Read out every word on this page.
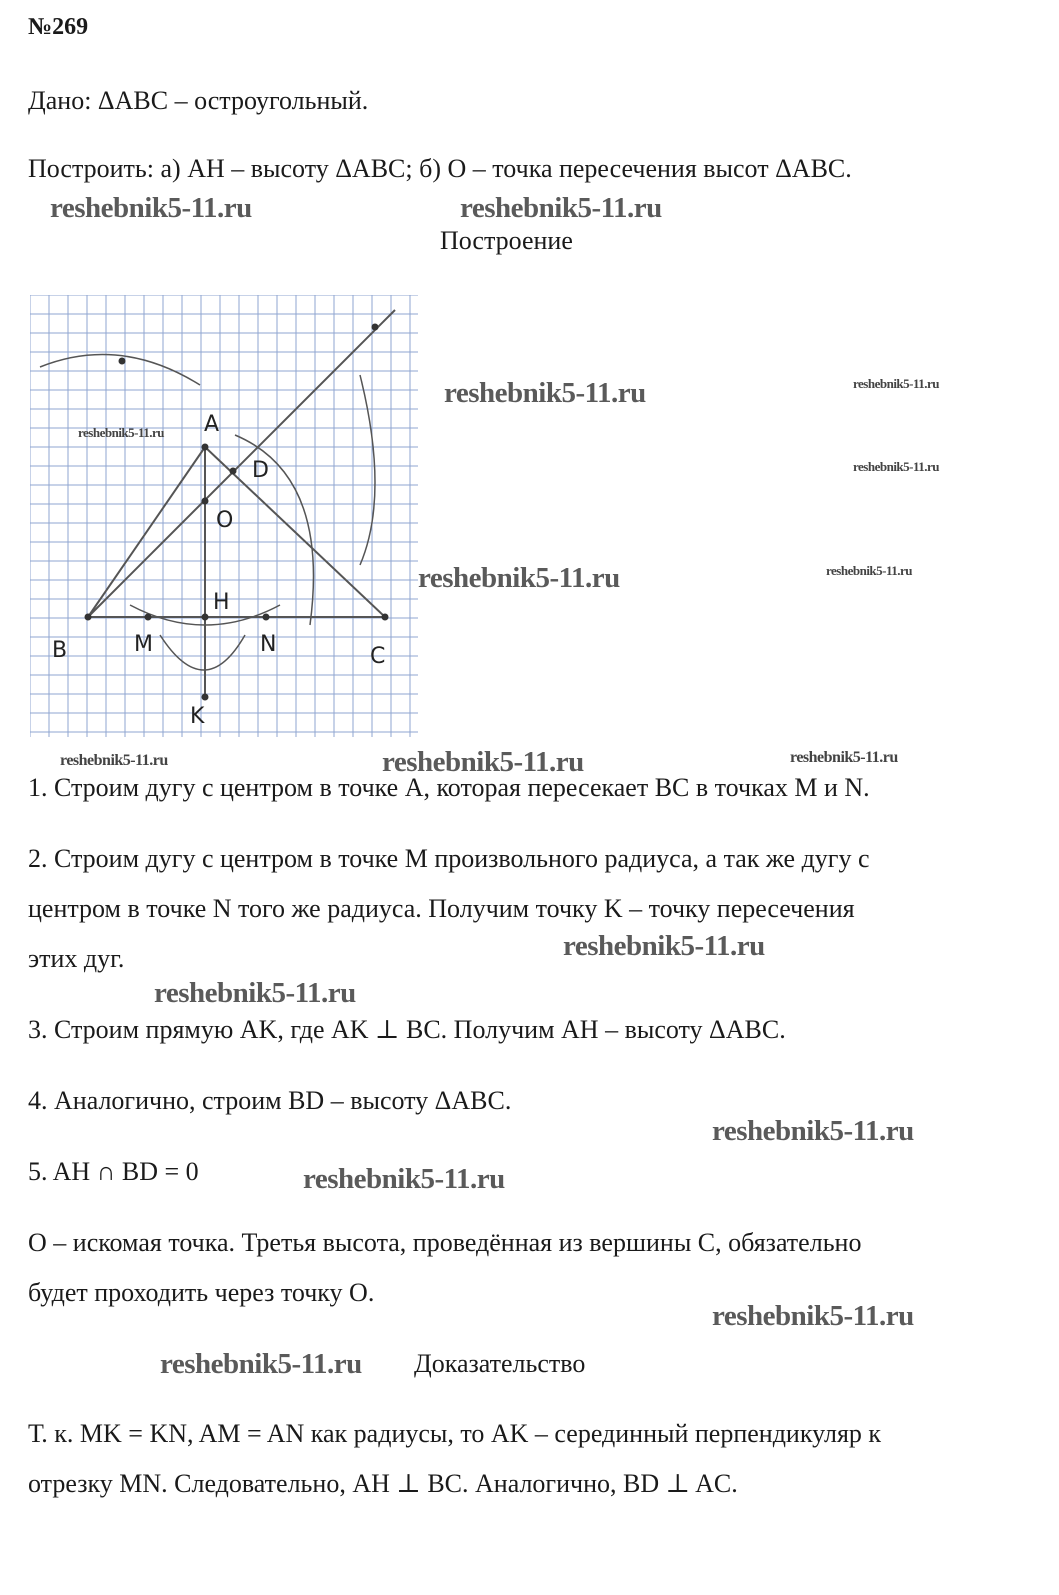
№269
Дано: ΔABC – остроугольный.
Построить: а) AH – высоту ΔABC; б) O – точка пересечения высот ΔABC.
reshebnik5-11.ru	reshebnik5-11.ru
Построение
A
D
O
H
B	M	N	C
K
reshebnik5-11.ru
reshebnik5-11.ru	reshebnik5-11.ru
reshebnik5-11.ru
reshebnik5-11.ru	reshebnik5-11.ru
reshebnik5-11.ru	reshebnik5-11.ru	reshebnik5-11.ru
1. Строим дугу с центром в точке A, которая пересекает BC в точках M и N.
2. Строим дугу с центром в точке M произвольного радиуса, а так же дугу с
центром в точке N того же радиуса. Получим точку K – точку пересечения
этих дуг.	reshebnik5-11.ru
reshebnik5-11.ru
3. Строим прямую AK, где AK ⊥ BC. Получим AH – высоту ΔABC.
4. Аналогично, строим BD – высоту ΔABC.
reshebnik5-11.ru
5. AH ∩ BD = 0	reshebnik5-11.ru
O – искомая точка. Третья высота, проведённая из вершины C, обязательно
будет проходить через точку O.
reshebnik5-11.ru
reshebnik5-11.ru Доказательство
Т. к. MK = KN, AM = AN как радиусы, то AK – серединный перпендикуляр к
отрезку MN. Следовательно, AH ⊥ BC. Аналогично, BD ⊥ AC.
